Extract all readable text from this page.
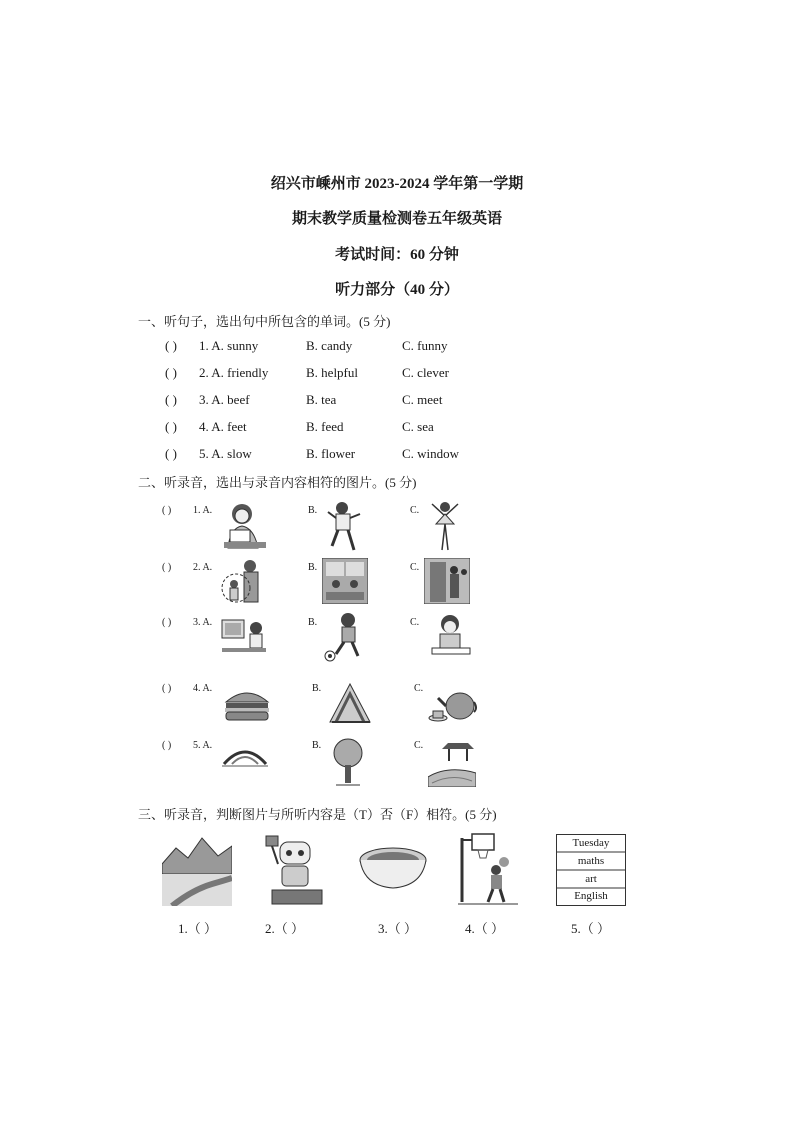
绍兴市嵊州市 2023-2024 学年第一学期
期末教学质量检测卷五年级英语
考试时间：60 分钟
听力部分（40 分）
一、听句子，选出句中所包含的单词。(5 分)
( ) 1. A. sunny	B. candy	C. funny
( ) 2. A. friendly	B. helpful	C. clever
( ) 3. A. beef	B. tea	C. meet
( ) 4. A. feet	B. feed	C. sea
( ) 5. A. slow	B. flower	C. window
二、听录音，选出与录音内容相符的图片。(5 分)
( ) 1. A.	B.	C.
( ) 2. A.	B.	C.
( ) 3. A.	B.	C.
( ) 4. A.	B.	C.
( ) 5. A.	B.	C.
三、听录音，判断图片与所听内容是（T）否（F）相符。(5 分)
Tuesday
maths
art
English
1.（ ）	2.（ ）	3.（ ）	4.（ ）	5.（ ）
